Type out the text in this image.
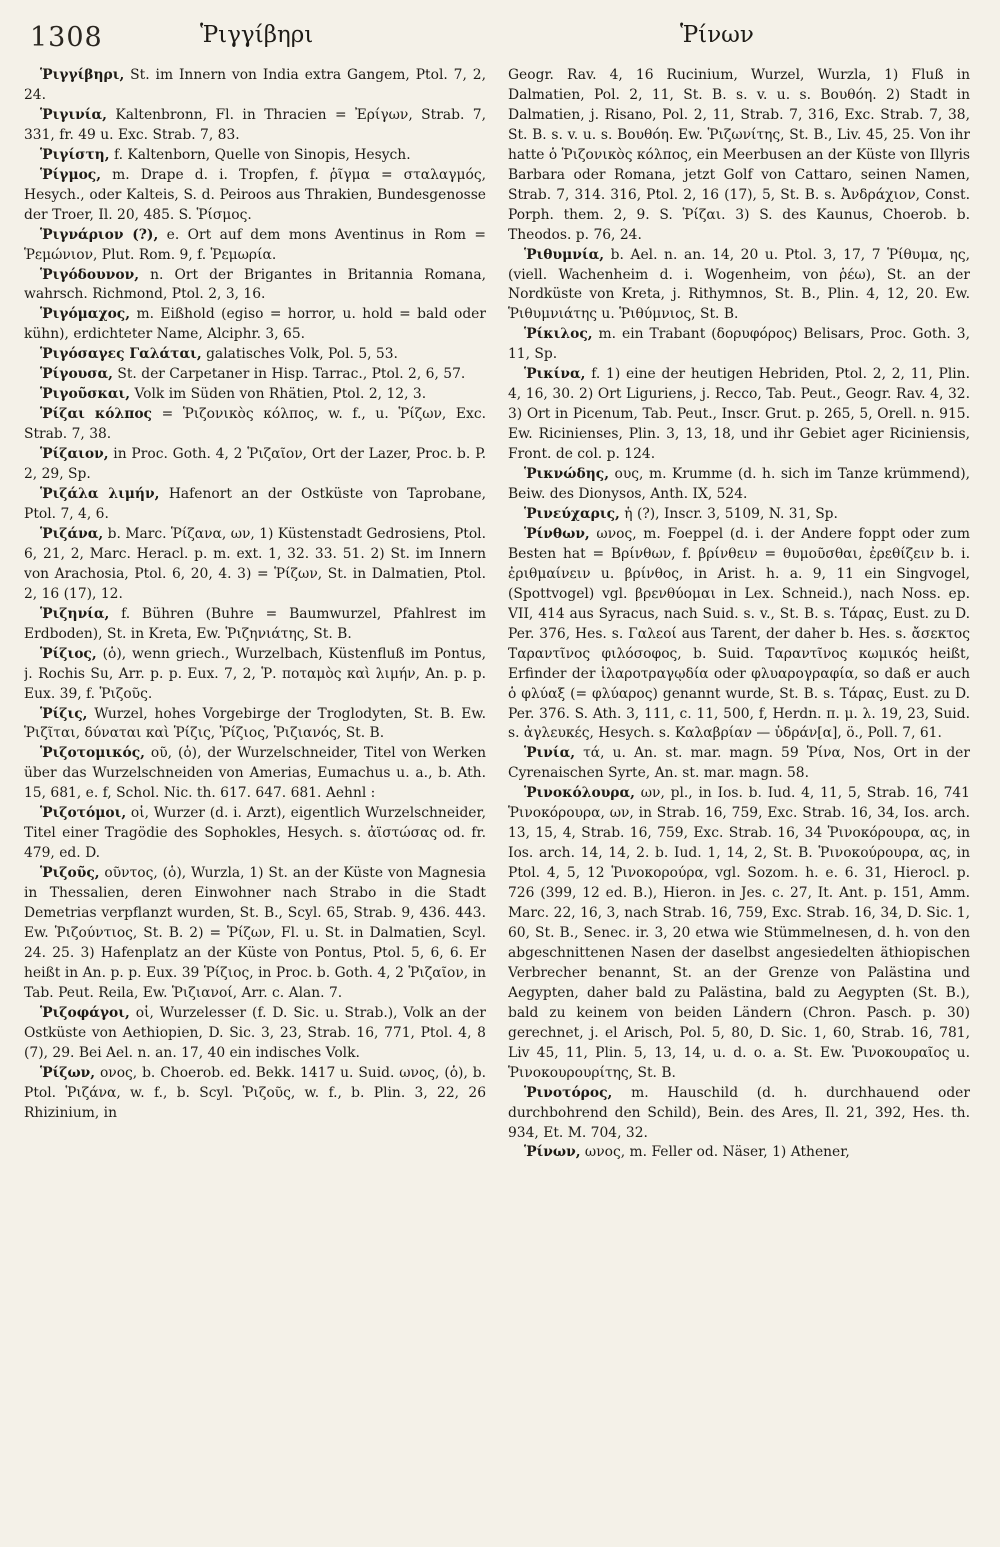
1308	Ῥιγγίβηρι	Ῥίνων

Ῥιγγίβηρι, St. im Innern von India extra Gangem, Ptol. 7, 2, 24.

Ῥιγινία, Kaltenbronn, Fl. in Thracien = Ἐρίγων, Strab. 7, 331, fr. 49 u. Exc. Strab. 7, 83.

Ῥιγίστη, f. Kaltenborn, Quelle von Sinopis, Hesych.

Ῥίγμος, m. Drape d. i. Tropfen, f. ῥῖγμα = σταλαγμός, Hesych., oder Kalteis, S. d. Peiroos aus Thrakien, Bundesgenosse der Troer, Il. 20, 485. S. Ῥίσμος.

Ῥιγνάριον (?), e. Ort auf dem mons Aventinus in Rom = Ῥεμώνιον, Plut. Rom. 9, f. Ῥεμωρία.

Ῥιγόδουνον, n. Ort der Brigantes in Britannia Romana, wahrsch. Richmond, Ptol. 2, 3, 16.

Ῥιγόμαχος, m. Eißhold (egiso = horror, u. hold = bald oder kühn), erdichteter Name, Alciphr. 3, 65.

Ῥιγόσαγες Γαλάται, galatisches Volk, Pol. 5, 53.

Ῥίγουσα, St. der Carpetaner in Hisp. Tarrac., Ptol. 2, 6, 57.

Ῥιγοῦσκαι, Volk im Süden von Rhätien, Ptol. 2, 12, 3.

Ῥίζαι κόλπος = Ῥιζονικὸς κόλπος, w. f., u. Ῥίζων, Exc. Strab. 7, 38.

Ῥίζαιον, in Proc. Goth. 4, 2 Ῥιζαῖον, Ort der Lazer, Proc. b. P. 2, 29, Sp.

Ῥιζάλα λιμήν, Hafenort an der Ostküste von Taprobane, Ptol. 7, 4, 6.

Ῥιζάνα, b. Marc. Ῥίζανα, ων, 1) Küstenstadt Gedrosiens, Ptol. 6, 21, 2, Marc. Heracl. p. m. ext. 1, 32. 33. 51. 2) St. im Innern von Arachosia, Ptol. 6, 20, 4. 3) = Ῥίζων, St. in Dalmatien, Ptol. 2, 16 (17), 12.

Ῥιζηνία, f. Bühren (Buhre = Baumwurzel, Pfahlrest im Erdboden), St. in Kreta, Ew. Ῥιζηνιάτης, St. B.

Ῥίζιος, (ὁ), wenn griech., Wurzelbach, Küstenfluß im Pontus, j. Rochis Su, Arr. p. p. Eux. 7, 2, Ῥ. ποταμὸς καὶ λιμήν, An. p. p. Eux. 39, f. Ῥιζοῦς.

Ῥίζις, Wurzel, hohes Vorgebirge der Troglodyten, St. B. Ew. Ῥιζῖται, δύναται καὶ Ῥίζις, Ῥίζιος, Ῥιζιανός, St. B.

Ῥιζοτομικός, οῦ, (ὁ), der Wurzelschneider, Titel von Werken über das Wurzelschneiden von Amerias, Eumachus u. a., b. Ath. 15, 681, e. f, Schol. Nic. th. 617. 647. 681. Aehnl :

Ῥιζοτόμοι, οἱ, Wurzer (d. i. Arzt), eigentlich Wurzelschneider, Titel einer Tragödie des Sophokles, Hesych. s. ἀϊστώσας od. fr. 479, ed. D.

Ῥιζοῦς, οῦντος, (ὁ), Wurzla, 1) St. an der Küste von Magnesia in Thessalien, deren Einwohner nach Strabo in die Stadt Demetrias verpflanzt wurden, St. B., Scyl. 65, Strab. 9, 436. 443. Ew. Ῥιζούντιος, St. B. 2) = Ῥίζων, Fl. u. St. in Dalmatien, Scyl. 24. 25. 3) Hafenplatz an der Küste von Pontus, Ptol. 5, 6, 6. Er heißt in An. p. p. Eux. 39 Ῥίζιος, in Proc. b. Goth. 4, 2 Ῥιζαῖον, in Tab. Peut. Reila, Ew. Ῥιζιανοί, Arr. c. Alan. 7.

Ῥιζοφάγοι, οἱ, Wurzelesser (f. D. Sic. u. Strab.), Volk an der Ostküste von Aethiopien, D. Sic. 3, 23, Strab. 16, 771, Ptol. 4, 8 (7), 29. Bei Ael. n. an. 17, 40 ein indisches Volk.

Ῥίζων, ονος, b. Choerob. ed. Bekk. 1417 u. Suid. ωνος, (ὁ), b. Ptol. Ῥιζάνα, w. f., b. Scyl. Ῥιζοῦς, w. f., b. Plin. 3, 22, 26 Rhizinium, in

Geogr. Rav. 4, 16 Rucinium, Wurzel, Wurzla, 1) Fluß in Dalmatien, Pol. 2, 11, St. B. s. v. u. s. Βουθόη. 2) Stadt in Dalmatien, j. Risano, Pol. 2, 11, Strab. 7, 316, Exc. Strab. 7, 38, St. B. s. v. u. s. Βουθόη. Ew. Ῥιζωνίτης, St. B., Liv. 45, 25. Von ihr hatte ὁ Ῥιζονικὸς κόλπος, ein Meerbusen an der Küste von Illyris Barbara oder Romana, jetzt Golf von Cattaro, seinen Namen, Strab. 7, 314. 316, Ptol. 2, 16 (17), 5, St. B. s. Ἀνδράχιον, Const. Porph. them. 2, 9. S. Ῥίζαι. 3) S. des Kaunus, Choerob. b. Theodos. p. 76, 24.

Ῥιθυμνία, b. Ael. n. an. 14, 20 u. Ptol. 3, 17, 7 Ῥίθυμα, ης, (viell. Wachenheim d. i. Wogenheim, von ῥέω), St. an der Nordküste von Kreta, j. Rithymnos, St. B., Plin. 4, 12, 20. Ew. Ῥιθυμνιάτης u. Ῥιθύμνιος, St. B.

Ῥίκιλος, m. ein Trabant (δορυφόρος) Belisars, Proc. Goth. 3, 11, Sp.

Ῥικίνα, f. 1) eine der heutigen Hebriden, Ptol. 2, 2, 11, Plin. 4, 16, 30. 2) Ort Liguriens, j. Recco, Tab. Peut., Geogr. Rav. 4, 32. 3) Ort in Picenum, Tab. Peut., Inscr. Grut. p. 265, 5, Orell. n. 915. Ew. Ricinienses, Plin. 3, 13, 18, und ihr Gebiet ager Riciniensis, Front. de col. p. 124.

Ῥικνώδης, ους, m. Krumme (d. h. sich im Tanze krümmend), Beiw. des Dionysos, Anth. IX, 524.

Ῥινεύχαρις, ἡ (?), Inscr. 3, 5109, N. 31, Sp.

Ῥίνθων, ωνος, m. Foeppel (d. i. der Andere foppt oder zum Besten hat = Βρίνθων, f. βρίνθειν = θυμοῦσθαι, ἐρεθίζειν b. i. ἐριθμαίνειν u. βρίνθος, in Arist. h. a. 9, 11 ein Singvogel, (Spottvogel) vgl. βρενθύομαι in Lex. Schneid.), nach Noss. ep. VII, 414 aus Syracus, nach Suid. s. v., St. B. s. Τάρας, Eust. zu D. Per. 376, Hes. s. Γαλεοί aus Tarent, der daher b. Hes. s. ἄσεκτος Ταραντῖνος φιλόσοφος, b. Suid. Ταραντῖνος κωμικός heißt, Erfinder der ἱλαροτραγῳδία oder φλυαρογραφία, so daß er auch ὁ φλύαξ (= φλύαρος) genannt wurde, St. B. s. Τάρας, Eust. zu D. Per. 376. S. Ath. 3, 111, c. 11, 500, f, Herdn. π. μ. λ. 19, 23, Suid. s. ἀγλευκές, Hesych. s. Καλαβρίαν — ὑδράν[α], ö., Poll. 7, 61.

Ῥινία, τά, u. An. st. mar. magn. 59 Ῥίνα, Nos, Ort in der Cyrenaischen Syrte, An. st. mar. magn. 58.

Ῥινοκόλουρα, ων, pl., in Ios. b. Iud. 4, 11, 5, Strab. 16, 741 Ῥινοκόρουρα, ων, in Strab. 16, 759, Exc. Strab. 16, 34, Ios. arch. 13, 15, 4, Strab. 16, 759, Exc. Strab. 16, 34 Ῥινοκόρουρα, ας, in Ios. arch. 14, 14, 2. b. Iud. 1, 14, 2, St. B. Ῥινοκούρουρα, ας, in Ptol. 4, 5, 12 Ῥινοκορούρα, vgl. Sozom. h. e. 6. 31, Hierocl. p. 726 (399, 12 ed. B.), Hieron. in Jes. c. 27, It. Ant. p. 151, Amm. Marc. 22, 16, 3, nach Strab. 16, 759, Exc. Strab. 16, 34, D. Sic. 1, 60, St. B., Senec. ir. 3, 20 etwa wie Stümmelnesen, d. h. von den abgeschnittenen Nasen der daselbst angesiedelten äthiopischen Verbrecher benannt, St. an der Grenze von Palästina und Aegypten, daher bald zu Palästina, bald zu Aegypten (St. B.), bald zu keinem von beiden Ländern (Chron. Pasch. p. 30) gerechnet, j. el Arisch, Pol. 5, 80, D. Sic. 1, 60, Strab. 16, 781, Liv 45, 11, Plin. 5, 13, 14, u. d. o. a. St. Ew. Ῥινοκουραῖος u. Ῥινοκουρουρίτης, St. B.

Ῥινοτόρος, m. Hauschild (d. h. durchhauend oder durchbohrend den Schild), Bein. des Ares, Il. 21, 392, Hes. th. 934, Et. M. 704, 32.

Ῥίνων, ωνος, m. Feller od. Näser, 1) Athener,
